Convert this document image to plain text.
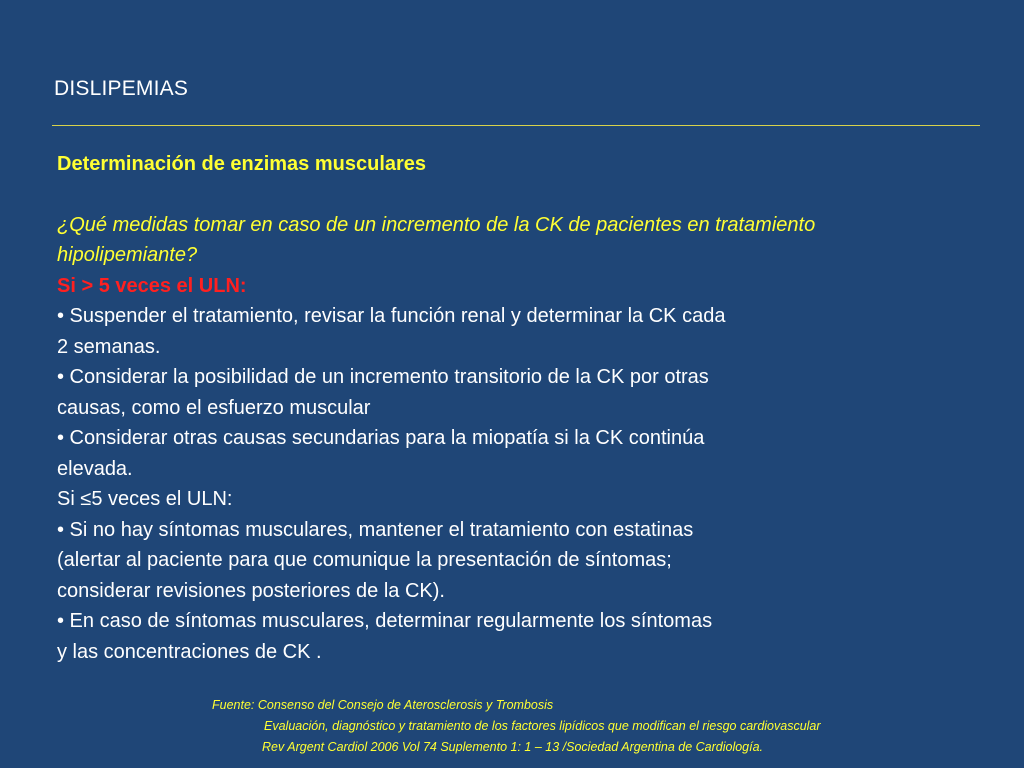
DISLIPEMIAS
Determinación de enzimas musculares
¿Qué medidas tomar en caso de un incremento de la CK de pacientes en tratamiento
hipolipemiante?
Si > 5 veces el ULN:
• Suspender el tratamiento, revisar la función renal y determinar la CK cada
2 semanas.
• Considerar la posibilidad de un incremento transitorio de la CK por otras
causas, como el esfuerzo muscular
• Considerar otras causas secundarias para la miopatía si la CK continúa
elevada.
Si ≤5 veces el ULN:
• Si no hay síntomas musculares, mantener el tratamiento con estatinas
(alertar al paciente para que comunique la presentación de síntomas;
considerar revisiones posteriores de la CK).
• En caso de síntomas musculares, determinar regularmente los síntomas
y las concentraciones de CK .
Fuente: Consenso del Consejo de Aterosclerosis y Trombosis
Evaluación, diagnóstico y tratamiento de los factores lipídicos que modifican el riesgo cardiovascular
Rev Argent Cardiol 2006 Vol 74 Suplemento 1: 1 – 13 /Sociedad Argentina de Cardiología.
